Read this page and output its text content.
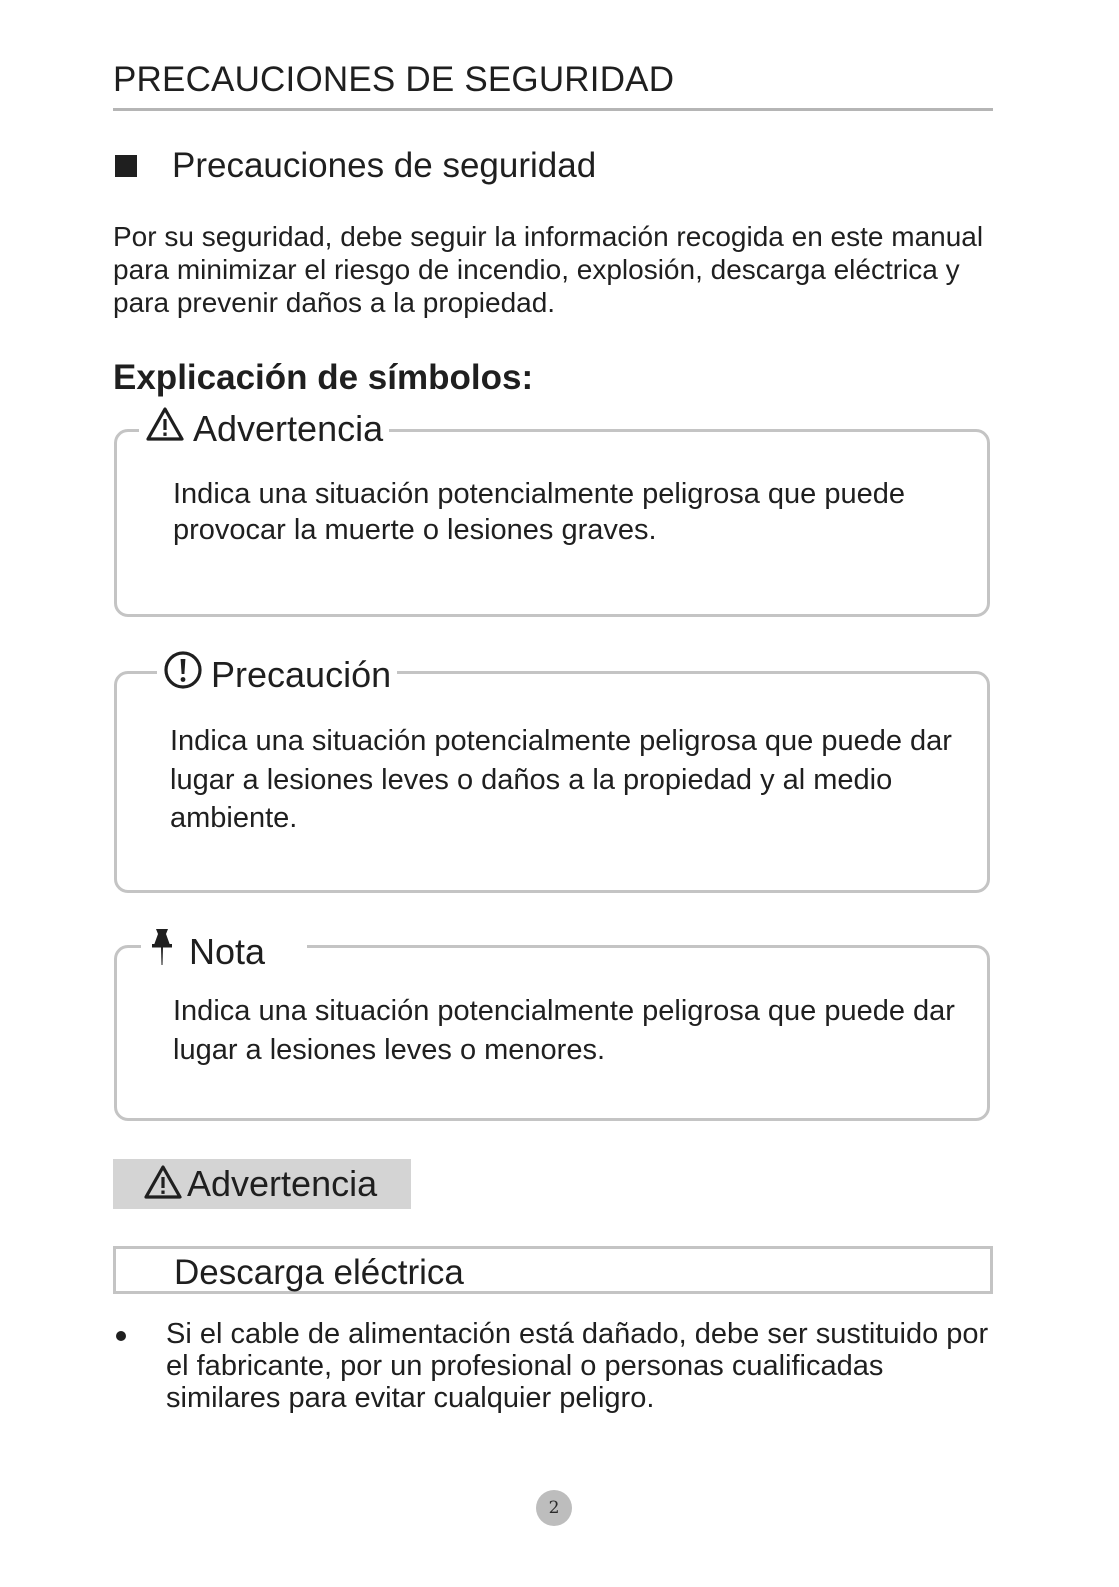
PRECAUCIONES DE SEGURIDAD
Precauciones de seguridad

Por su seguridad, debe seguir la información recogida en este manual para minimizar el riesgo de incendio, explosión, descarga eléctrica y para prevenir daños a la propiedad.

Explicación de símbolos:
Advertencia

Indica una situación potencialmente peligrosa que puede provocar la muerte o lesiones graves.

Precaución

Indica una situación potencialmente peligrosa que puede dar lugar a lesiones leves o daños a la propiedad y al medio ambiente.

Nota

Indica una situación potencialmente peligrosa que puede dar lugar a lesiones leves o menores.

Advertencia
Descarga eléctrica

Si el cable de alimentación está dañado, debe ser sustituido por el fabricante, por un profesional o personas cualificadas similares para evitar cualquier peligro.

2
